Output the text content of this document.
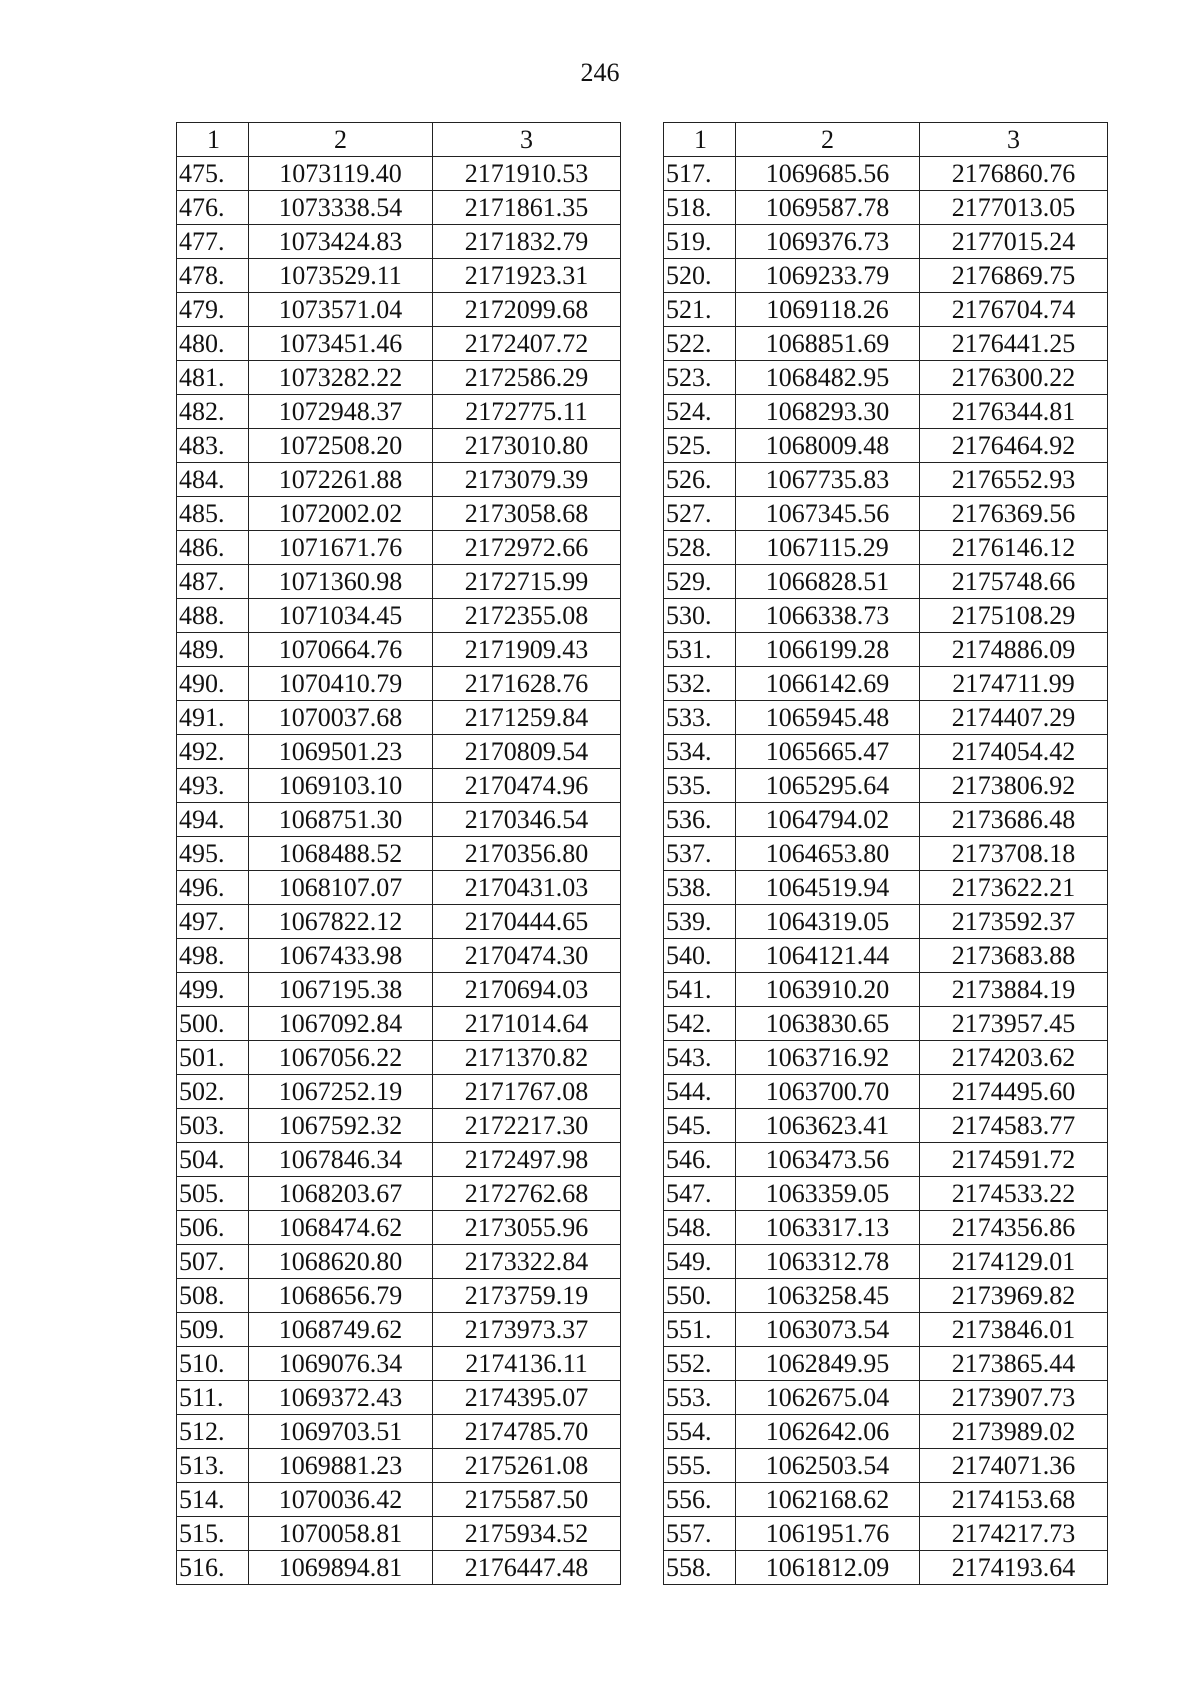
246
1	2	3
475.	1073119.40	2171910.53
476.	1073338.54	2171861.35
477.	1073424.83	2171832.79
478.	1073529.11	2171923.31
479.	1073571.04	2172099.68
480.	1073451.46	2172407.72
481.	1073282.22	2172586.29
482.	1072948.37	2172775.11
483.	1072508.20	2173010.80
484.	1072261.88	2173079.39
485.	1072002.02	2173058.68
486.	1071671.76	2172972.66
487.	1071360.98	2172715.99
488.	1071034.45	2172355.08
489.	1070664.76	2171909.43
490.	1070410.79	2171628.76
491.	1070037.68	2171259.84
492.	1069501.23	2170809.54
493.	1069103.10	2170474.96
494.	1068751.30	2170346.54
495.	1068488.52	2170356.80
496.	1068107.07	2170431.03
497.	1067822.12	2170444.65
498.	1067433.98	2170474.30
499.	1067195.38	2170694.03
500.	1067092.84	2171014.64
501.	1067056.22	2171370.82
502.	1067252.19	2171767.08
503.	1067592.32	2172217.30
504.	1067846.34	2172497.98
505.	1068203.67	2172762.68
506.	1068474.62	2173055.96
507.	1068620.80	2173322.84
508.	1068656.79	2173759.19
509.	1068749.62	2173973.37
510.	1069076.34	2174136.11
511.	1069372.43	2174395.07
512.	1069703.51	2174785.70
513.	1069881.23	2175261.08
514.	1070036.42	2175587.50
515.	1070058.81	2175934.52
516.	1069894.81	2176447.48
1	2	3
517.	1069685.56	2176860.76
518.	1069587.78	2177013.05
519.	1069376.73	2177015.24
520.	1069233.79	2176869.75
521.	1069118.26	2176704.74
522.	1068851.69	2176441.25
523.	1068482.95	2176300.22
524.	1068293.30	2176344.81
525.	1068009.48	2176464.92
526.	1067735.83	2176552.93
527.	1067345.56	2176369.56
528.	1067115.29	2176146.12
529.	1066828.51	2175748.66
530.	1066338.73	2175108.29
531.	1066199.28	2174886.09
532.	1066142.69	2174711.99
533.	1065945.48	2174407.29
534.	1065665.47	2174054.42
535.	1065295.64	2173806.92
536.	1064794.02	2173686.48
537.	1064653.80	2173708.18
538.	1064519.94	2173622.21
539.	1064319.05	2173592.37
540.	1064121.44	2173683.88
541.	1063910.20	2173884.19
542.	1063830.65	2173957.45
543.	1063716.92	2174203.62
544.	1063700.70	2174495.60
545.	1063623.41	2174583.77
546.	1063473.56	2174591.72
547.	1063359.05	2174533.22
548.	1063317.13	2174356.86
549.	1063312.78	2174129.01
550.	1063258.45	2173969.82
551.	1063073.54	2173846.01
552.	1062849.95	2173865.44
553.	1062675.04	2173907.73
554.	1062642.06	2173989.02
555.	1062503.54	2174071.36
556.	1062168.62	2174153.68
557.	1061951.76	2174217.73
558.	1061812.09	2174193.64
